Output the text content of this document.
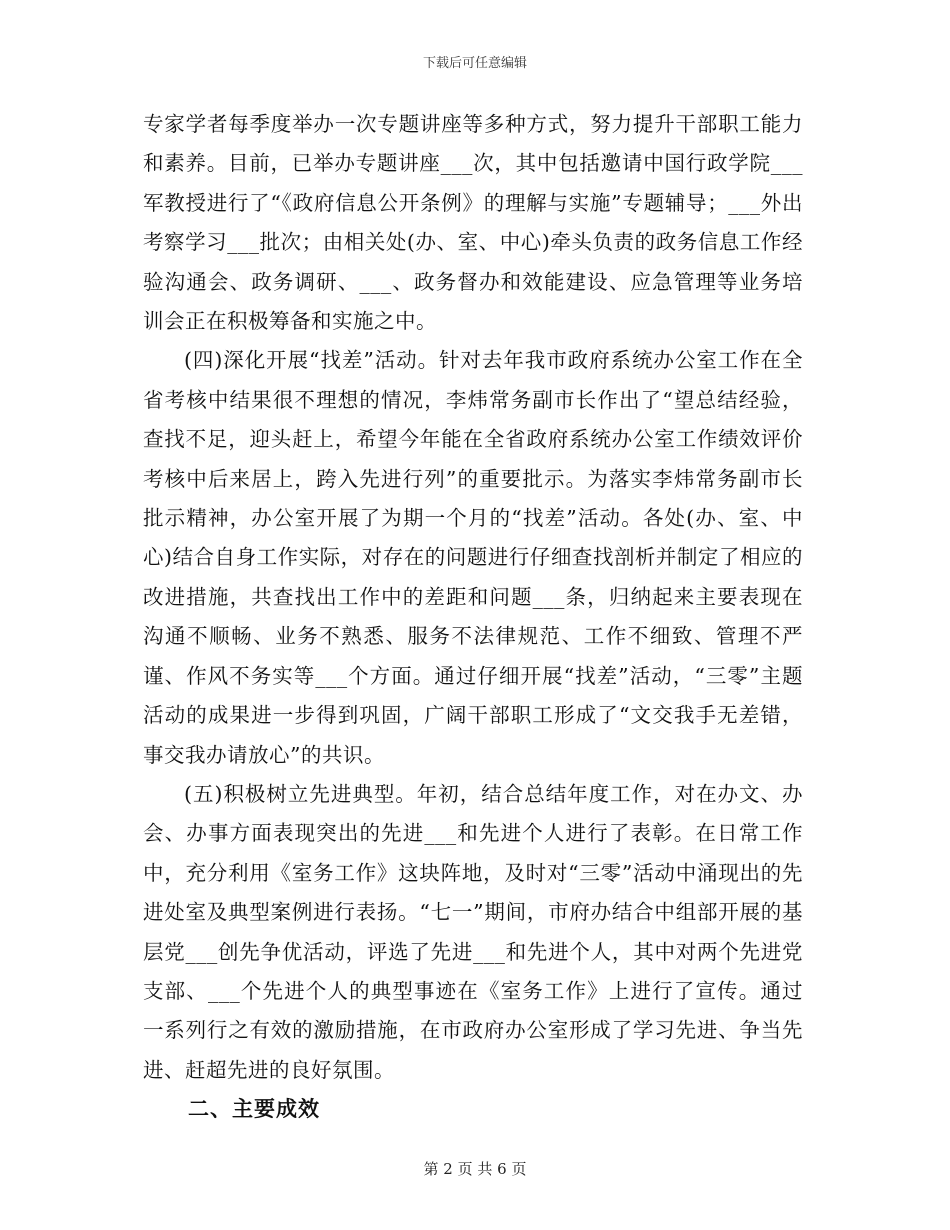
下载后可任意编辑

专家学者每季度举办一次专题讲座等多种方式，努力提升干部职工能力和素养。目前，已举办专题讲座___次，其中包括邀请中国行政学院___军教授进行了“《政府信息公开条例》的理解与实施”专题辅导；___外出考察学习___批次；由相关处(办、室、中心)牵头负责的政务信息工作经验沟通会、政务调研、___、政务督办和效能建设、应急管理等业务培训会正在积极筹备和实施之中。

(四)深化开展“找差”活动。针对去年我市政府系统办公室工作在全省考核中结果很不理想的情况，李炜常务副市长作出了“望总结经验，查找不足，迎头赶上，希望今年能在全省政府系统办公室工作绩效评价考核中后来居上，跨入先进行列”的重要批示。为落实李炜常务副市长批示精神，办公室开展了为期一个月的“找差”活动。各处(办、室、中心)结合自身工作实际，对存在的问题进行仔细查找剖析并制定了相应的改进措施，共查找出工作中的差距和问题___条，归纳起来主要表现在沟通不顺畅、业务不熟悉、服务不法律规范、工作不细致、管理不严谨、作风不务实等___个方面。通过仔细开展“找差”活动，“三零”主题活动的成果进一步得到巩固，广阔干部职工形成了“文交我手无差错，事交我办请放心”的共识。

(五)积极树立先进典型。年初，结合总结年度工作，对在办文、办会、办事方面表现突出的先进___和先进个人进行了表彰。在日常工作中，充分利用《室务工作》这块阵地，及时对“三零”活动中涌现出的先进处室及典型案例进行表扬。“七一”期间，市府办结合中组部开展的基层党___创先争优活动，评选了先进___和先进个人，其中对两个先进党支部、___个先进个人的典型事迹在《室务工作》上进行了宣传。通过一系列行之有效的激励措施，在市政府办公室形成了学习先进、争当先进、赶超先进的良好氛围。

二、主要成效

第 2 页 共 6 页
